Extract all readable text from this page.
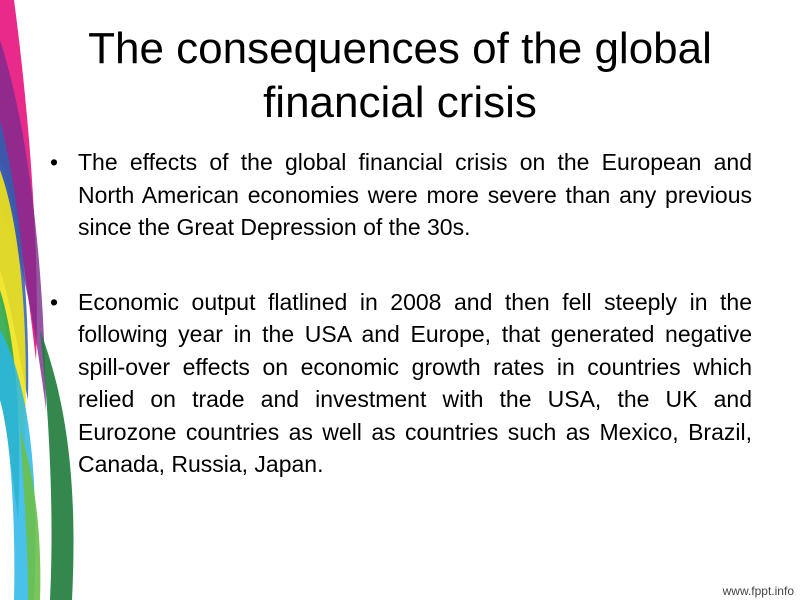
The consequences of the global financial crisis
• The effects of the global financial crisis on the European and North American economies were more severe than any previous since the Great Depression of the 30s.
• Economic output flatlined in 2008 and then fell steeply in the following year in the USA and Europe, that generated negative spill-over effects on economic growth rates in countries which relied on trade and investment with the USA, the UK and Eurozone countries as well as countries such as Mexico, Brazil, Canada, Russia, Japan.
www.fppt.info
